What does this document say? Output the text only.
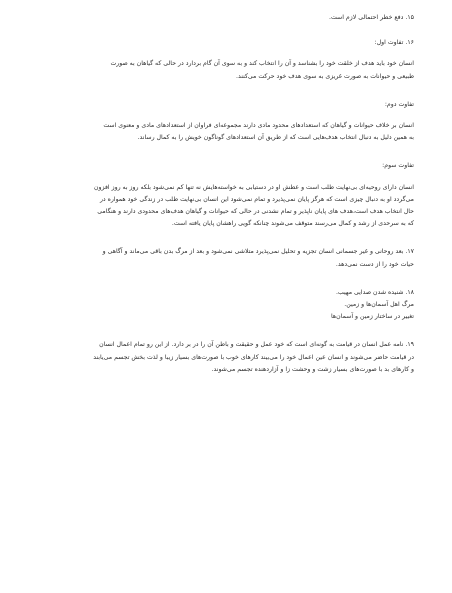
۱۵. دفع خطر احتمالی لازم است.
۱۶. تفاوت اول:
انسان خود باید هدف از خلقت خود را بشناسد و آن را انتخاب کند و به سوی آن گام بردارد در حالی که گیاهان به صورت
طبیعی و حیوانات به صورت غریزی به سوی هدف خود حرکت می‌کنند.
تفاوت دوم:
انسان بر خلاف حیوانات و گیاهان که استعدادهای محدود مادی دارند مجموعه‌ای فراوان از استعدادهای مادی و معنوی است
به همین دلیل به دنبال انتخاب هدف‌هایی است که از طریق آن استعدادهای گوناگون خویش را به کمال رساند.
تفاوت سوم:
انسان دارای روحیه‌ای بی‌نهایت طلب است و عطش او در دستیابی به خواسته‌هایش نه تنها کم نمی‌شود بلکه روز به روز افزون
می‌گردد او به دنبال چیزی است که هرگز پایان نمی‌پذیرد و تمام نمی‌شود این انسان بی‌نهایت طلب در زندگی خود همواره در
حال انتخاب هدف است،هدف های پایان ناپذیر و تمام نشدنی در حالی که حیوانات و گیاهان هدف‌های محدودی دارند و هنگامی
که به سرحدی از رشد و کمال می‌رسند متوقف می‌شوند چنانکه گویی راهشان پایان یافته است.
۱۷. بعد روحانی و غیر جسمانی انسان تجزیه و تحلیل نمی‌پذیرد متلاشی نمی‌شود و بعد از مرگ بدن باقی می‌ماند و آگاهی و
حیات خود را از دست نمی‌دهد.
۱۸. شنیده شدن صدایی مهیب.
مرگ اهل آسمان‌ها و زمین.
تغییر در ساختار زمین و آسمان‌ها
۱۹. نامه عمل انسان در قیامت به گونه‌ای است که خود عمل و حقیقت و باطن آن را در بر دارد. از این رو تمام اعمال انسان
در قیامت حاضر می‌شوند و انسان عین اعمال خود را می‌بیند کارهای خوب با صورت‌های بسیار زیبا و لذت بخش تجسم می‌یابند
و کارهای بد با صورت‌های بسیار زشت و وحشت زا و آزاردهنده تجسم می‌شوند.
